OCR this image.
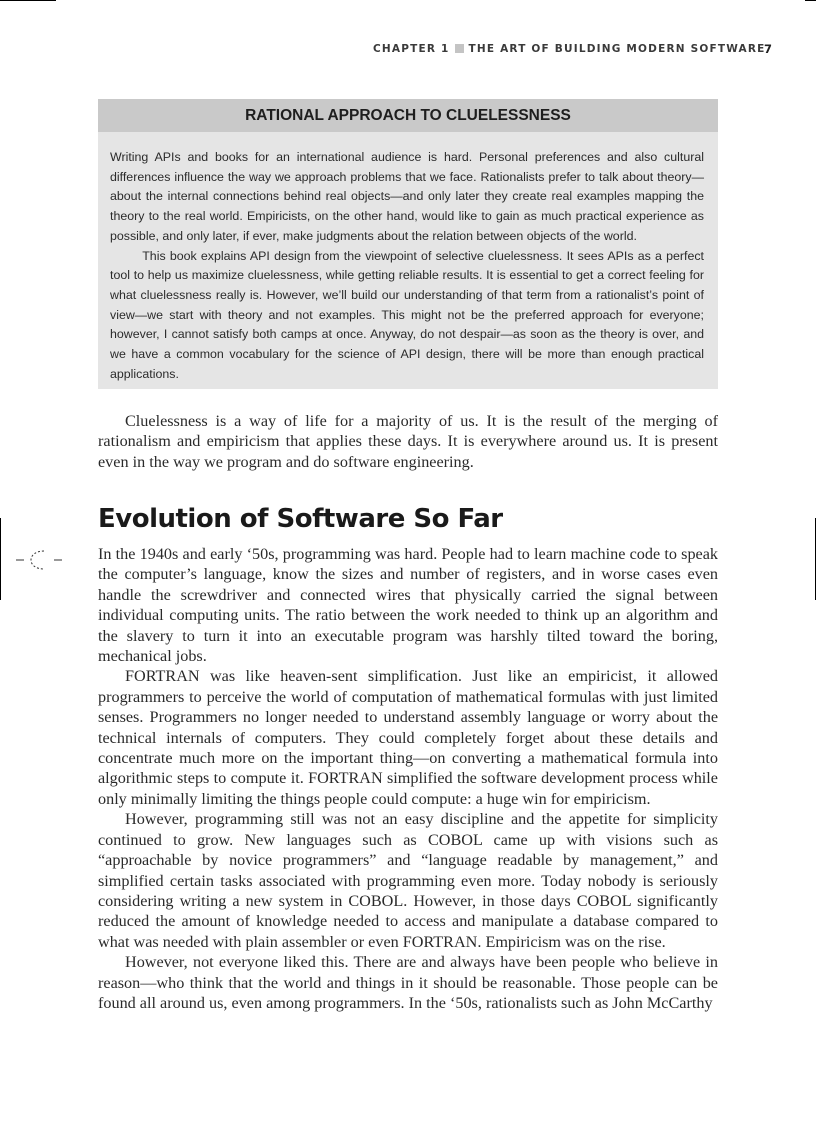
CHAPTER 1 THE ART OF BUILDING MODERN SOFTWARE
7
RATIONAL APPROACH TO CLUELESSNESS

Writing APIs and books for an international audience is hard. Personal preferences and also cultural differences influence the way we approach problems that we face. Rationalists prefer to talk about theory—about the internal connections behind real objects—and only later they create real examples mapping the theory to the real world. Empiricists, on the other hand, would like to gain as much practical experience as possible, and only later, if ever, make judgments about the relation between objects of the world.

This book explains API design from the viewpoint of selective cluelessness. It sees APIs as a perfect tool to help us maximize cluelessness, while getting reliable results. It is essential to get a correct feeling for what cluelessness really is. However, we’ll build our understanding of that term from a rationalist’s point of view—we start with theory and not examples. This might not be the preferred approach for everyone; however, I cannot satisfy both camps at once. Anyway, do not despair—as soon as the theory is over, and we have a common vocabulary for the science of API design, there will be more than enough practical applications.

Cluelessness is a way of life for a majority of us. It is the result of the merging of rationalism and empiricism that applies these days. It is everywhere around us. It is present even in the way we program and do software engineering.

Evolution of Software So Far

In the 1940s and early ‘50s, programming was hard. People had to learn machine code to speak the computer’s language, know the sizes and number of registers, and in worse cases even handle the screwdriver and connected wires that physically carried the signal between individual computing units. The ratio between the work needed to think up an algorithm and the slavery to turn it into an executable program was harshly tilted toward the boring, mechanical jobs.

FORTRAN was like heaven-sent simplification. Just like an empiricist, it allowed programmers to perceive the world of computation of mathematical formulas with just limited senses. Programmers no longer needed to understand assembly language or worry about the technical internals of computers. They could completely forget about these details and concentrate much more on the important thing—on converting a mathematical formula into algorithmic steps to compute it. FORTRAN simplified the software development process while only minimally limiting the things people could compute: a huge win for empiricism.

However, programming still was not an easy discipline and the appetite for simplicity continued to grow. New languages such as COBOL came up with visions such as “approachable by novice programmers” and “language readable by management,” and simplified certain tasks associated with programming even more. Today nobody is seriously considering writing a new system in COBOL. However, in those days COBOL significantly reduced the amount of knowledge needed to access and manipulate a database compared to what was needed with plain assembler or even FORTRAN. Empiricism was on the rise.

However, not everyone liked this. There are and always have been people who believe in reason—who think that the world and things in it should be reasonable. Those people can be found all around us, even among programmers. In the ‘50s, rationalists such as John McCarthy
